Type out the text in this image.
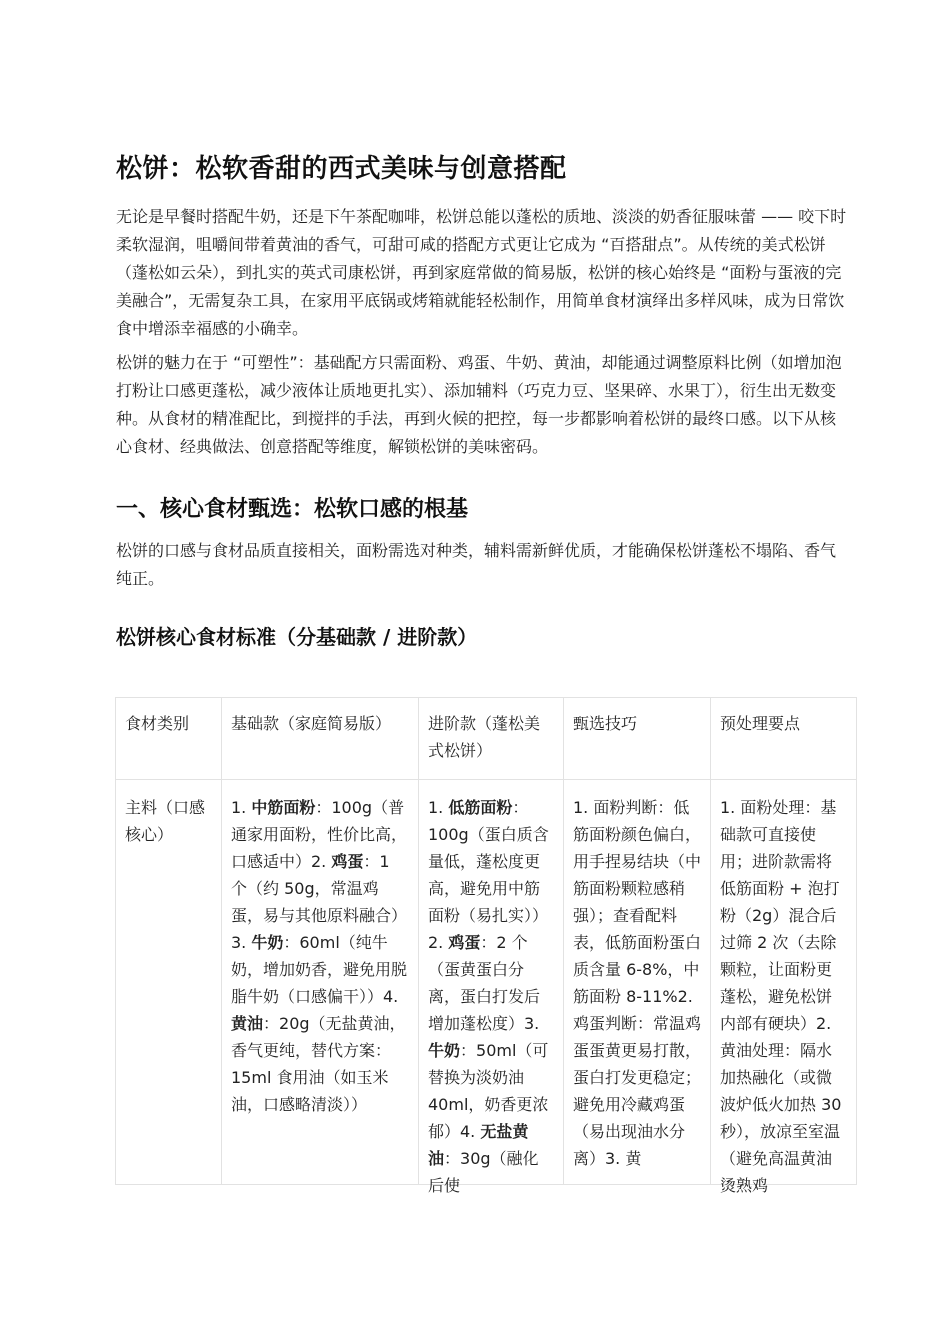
松饼：松软香甜的西式美味与创意搭配

无论是早餐时搭配牛奶，还是下午茶配咖啡，松饼总能以蓬松的质地、淡淡的奶香征服味蕾 —— 咬下时柔软湿润，咀嚼间带着黄油的香气，可甜可咸的搭配方式更让它成为 “百搭甜点”。从传统的美式松饼（蓬松如云朵），到扎实的英式司康松饼，再到家庭常做的简易版，松饼的核心始终是 “面粉与蛋液的完美融合”，无需复杂工具，在家用平底锅或烤箱就能轻松制作，用简单食材演绎出多样风味，成为日常饮食中增添幸福感的小确幸。

松饼的魅力在于 “可塑性”：基础配方只需面粉、鸡蛋、牛奶、黄油，却能通过调整原料比例（如增加泡打粉让口感更蓬松，减少液体让质地更扎实）、添加辅料（巧克力豆、坚果碎、水果丁），衍生出无数变种。从食材的精准配比，到搅拌的手法，再到火候的把控，每一步都影响着松饼的最终口感。以下从核心食材、经典做法、创意搭配等维度，解锁松饼的美味密码。

一、核心食材甄选：松软口感的根基

松饼的口感与食材品质直接相关，面粉需选对种类，辅料需新鲜优质，才能确保松饼蓬松不塌陷、香气纯正。

松饼核心食材标准（分基础款 / 进阶款）
食材类别	基础款（家庭简易版）	进阶款（蓬松美式松饼）	甄选技巧	预处理要点

主料（口感核心）	1. 中筋面粉：100g（普通家用面粉，性价比高，口感适中）2. 鸡蛋：1 个（约 50g，常温鸡蛋，易与其他原料融合）3. 牛奶：60ml（纯牛奶，增加奶香，避免用脱脂牛奶（口感偏干））4. 黄油：20g（无盐黄油，香气更纯，替代方案：15ml 食用油（如玉米油，口感略清淡））	1. 低筋面粉：100g（蛋白质含量低，蓬松度更高，避免用中筋面粉（易扎实））2. 鸡蛋：2 个（蛋黄蛋白分离，蛋白打发后增加蓬松度）3. 牛奶：50ml（可替换为淡奶油 40ml，奶香更浓郁）4. 无盐黄油：30g（融化后使	1. 面粉判断：低筋面粉颜色偏白，用手捏易结块（中筋面粉颗粒感稍强）；查看配料表，低筋面粉蛋白质含量 6-8%，中筋面粉 8-11%2. 鸡蛋判断：常温鸡蛋蛋黄更易打散，蛋白打发更稳定；避免用冷藏鸡蛋（易出现油水分离）3. 黄	1. 面粉处理：基础款可直接使用；进阶款需将低筋面粉 + 泡打粉（2g）混合后过筛 2 次（去除颗粒，让面粉更蓬松，避免松饼内部有硬块）2. 黄油处理：隔水加热融化（或微波炉低火加热 30 秒），放凉至室温（避免高温黄油烫熟鸡
